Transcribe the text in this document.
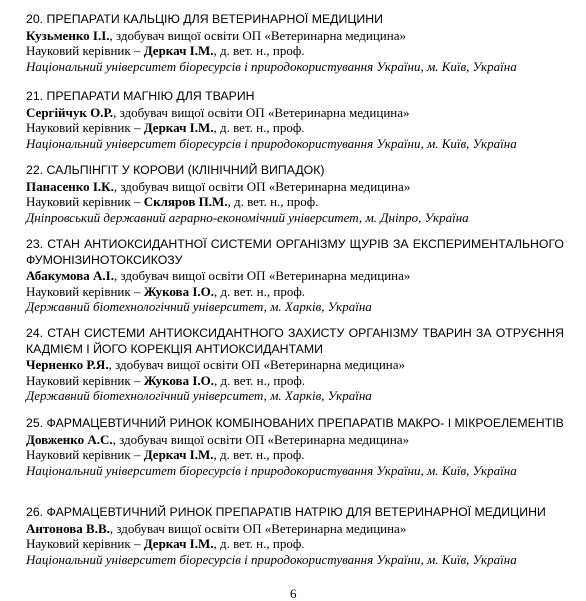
20. ПРЕПАРАТИ КАЛЬЦІЮ ДЛЯ ВЕТЕРИНАРНОЇ МЕДИЦИНИ
Кузьменко І.І., здобувач вищої освіти ОП «Ветеринарна медицина»
Науковий керівник – Деркач І.М., д. вет. н., проф.
Національний університет біоресурсів і природокористування України, м. Київ, Україна
21. ПРЕПАРАТИ МАГНІЮ ДЛЯ ТВАРИН
Сергійчук О.Р., здобувач вищої освіти ОП «Ветеринарна медицина»
Науковий керівник – Деркач І.М., д. вет. н., проф.
Національний університет біоресурсів і природокористування України, м. Київ, Україна
22. САЛЬПІНГІТ У КОРОВИ (КЛІНІЧНИЙ ВИПАДОК)
Панасенко І.К., здобувач вищої освіти ОП «Ветеринарна медицина»
Науковий керівник – Скляров П.М., д. вет. н., проф.
Дніпровський державний аграрно-економічний університет, м. Дніпро, Україна
23. СТАН АНТИОКСИДАНТНОЇ СИСТЕМИ ОРГАНІЗМУ ЩУРІВ ЗА ЕКСПЕРИМЕНТАЛЬНОГО ФУМОНІЗИНОТОКСИКОЗУ
Абакумова А.І., здобувач вищої освіти ОП «Ветеринарна медицина»
Науковий керівник – Жукова І.О., д. вет. н., проф.
Державний біотехнологічний університет, м. Харків, Україна
24. СТАН СИСТЕМИ АНТИОКСИДАНТНОГО ЗАХИСТУ ОРГАНІЗМУ ТВАРИН ЗА ОТРУЄННЯ КАДМІЄМ І ЙОГО КОРЕКЦІЯ АНТИОКСИДАНТАМИ
Черненко Р.Я., здобувач вищої освіти ОП «Ветеринарна медицина»
Науковий керівник – Жукова І.О., д. вет. н., проф.
Державний біотехнологічний університет, м. Харків, Україна
25. ФАРМАЦЕВТИЧНИЙ РИНОК КОМБІНОВАНИХ ПРЕПАРАТІВ МАКРО- І МІКРОЕЛЕМЕНТІВ
Довженко А.С., здобувач вищої освіти ОП «Ветеринарна медицина»
Науковий керівник – Деркач І.М., д. вет. н., проф.
Національний університет біоресурсів і природокористування України, м. Київ, Україна
26. ФАРМАЦЕВТИЧНИЙ РИНОК ПРЕПАРАТІВ НАТРІЮ ДЛЯ ВЕТЕРИНАРНОЇ МЕДИЦИНИ
Антонова В.В., здобувач вищої освіти ОП «Ветеринарна медицина»
Науковий керівник – Деркач І.М., д. вет. н., проф.
Національний університет біоресурсів і природокористування України, м. Київ, Україна
6
